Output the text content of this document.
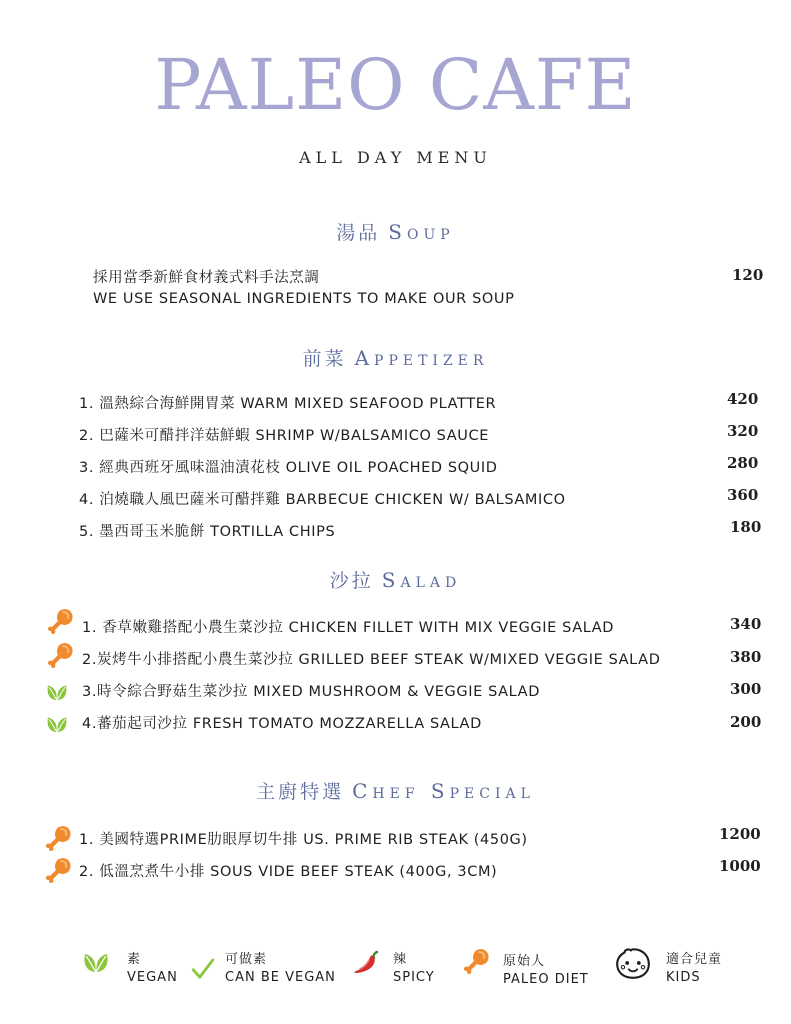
PALEO CAFE
ALL DAY MENU
湯品 Soup
採用當季新鮮食材義式料手法烹調
WE USE SEASONAL INGREDIENTS TO MAKE OUR SOUP
120
前菜 Appetizer
1. 溫熱綜合海鮮開胃菜 WARM MIXED SEAFOOD PLATTER	420
2. 巴薩米可醋拌洋菇鮮蝦 SHRIMP W/BALSAMICO SAUCE	320
3. 經典西班牙風味溫油漬花枝 OLIVE OIL POACHED SQUID	280
4. 泊燒職人風巴薩米可醋拌雞 BARBECUE CHICKEN W/ BALSAMICO	360
5. 墨西哥玉米脆餅 TORTILLA CHIPS	180
沙拉 Salad
1. 香草嫩雞搭配小農生菜沙拉 CHICKEN FILLET WITH MIX VEGGIE SALAD	340
2.炭烤牛小排搭配小農生菜沙拉 GRILLED BEEF STEAK W/MIXED VEGGIE SALAD	380
3.時令綜合野菇生菜沙拉 MIXED MUSHROOM & VEGGIE SALAD	300
4.蕃茄起司沙拉 FRESH TOMATO MOZZARELLA SALAD	200
主廚特選 Chef Special
1. 美國特選PRIME肋眼厚切牛排 US. PRIME RIB STEAK (450G)	1200
2. 低溫烹煮牛小排 SOUS VIDE BEEF STEAK (400G, 3CM)	1000
素
VEGAN
可做素
CAN BE VEGAN
辣
SPICY
原始人
PALEO DIET
適合兒童
KIDS
